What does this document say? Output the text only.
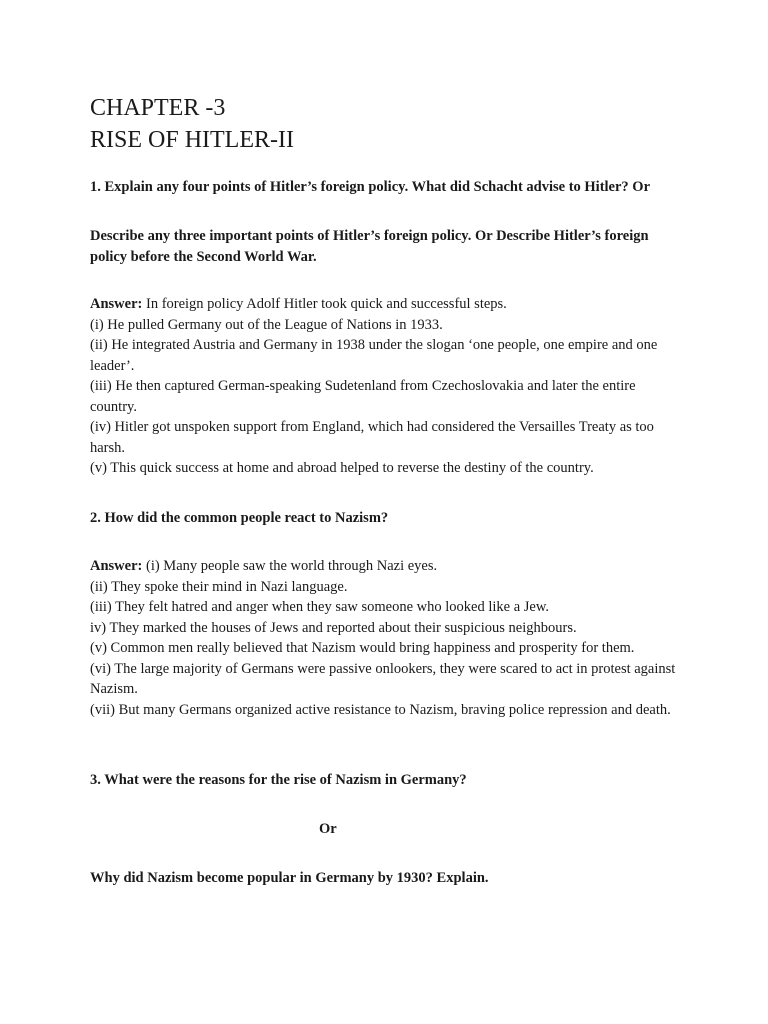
CHAPTER -3
RISE OF HITLER-II

1. Explain any four points of Hitler’s foreign policy. What did Schacht advise to Hitler? Or

Describe any three important points of Hitler’s foreign policy. Or Describe Hitler’s foreign policy before the Second World War.

Answer: In foreign policy Adolf Hitler took quick and successful steps.
(i) He pulled Germany out of the League of Nations in 1933.
(ii) He integrated Austria and Germany in 1938 under the slogan ‘one people, one empire and one leader’.
(iii) He then captured German-speaking Sudetenland from Czechoslovakia and later the entire country.
(iv) Hitler got unspoken support from England, which had considered the Versailles Treaty as too harsh.
(v) This quick success at home and abroad helped to reverse the destiny of the country.

2. How did the common people react to Nazism?

Answer: (i) Many people saw the world through Nazi eyes.
(ii) They spoke their mind in Nazi language.
(iii) They felt hatred and anger when they saw someone who looked like a Jew.
iv) They marked the houses of Jews and reported about their suspicious neighbours.
(v) Common men really believed that Nazism would bring happiness and prosperity for them.
(vi) The large majority of Germans were passive onlookers, they were scared to act in protest against Nazism.
(vii) But many Germans organized active resistance to Nazism, braving police repression and death.

3. What were the reasons for the rise of Nazism in Germany?

Or

Why did Nazism become popular in Germany by 1930? Explain.
